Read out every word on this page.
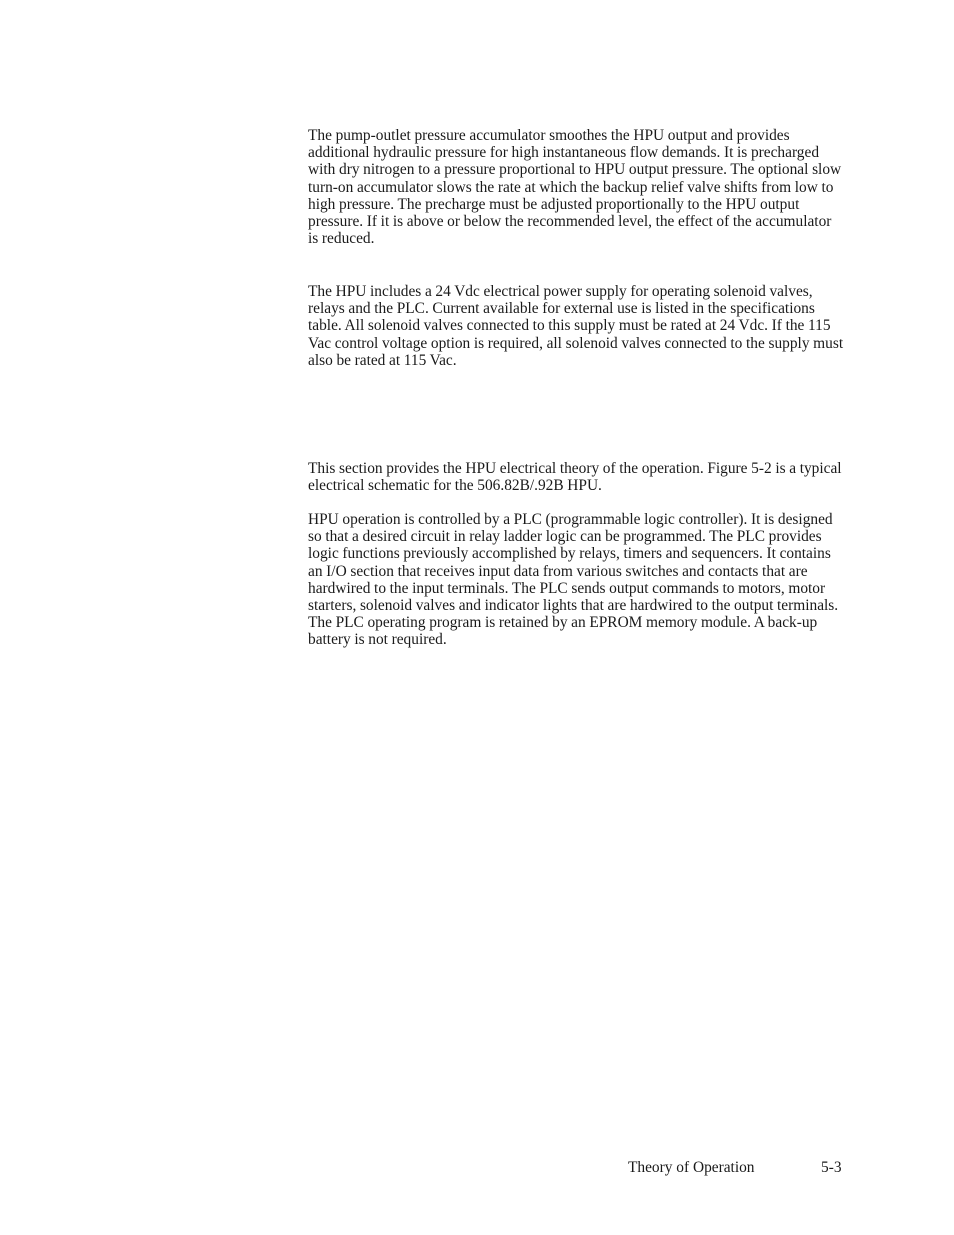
The pump-outlet pressure accumulator smoothes the HPU output and provides additional hydraulic pressure for high instantaneous flow demands. It is precharged with dry nitrogen to a pressure proportional to HPU output pressure. The optional slow turn-on accumulator slows the rate at which the backup relief valve shifts from low to high pressure. The precharge must be adjusted proportionally to the HPU output pressure. If it is above or below the recommended level, the effect of the accumulator is reduced.

The HPU includes a 24 Vdc electrical power supply for operating solenoid valves, relays and the PLC. Current available for external use is listed in the specifications table. All solenoid valves connected to this supply must be rated at 24 Vdc. If the 115 Vac control voltage option is required, all solenoid valves connected to the supply must also be rated at 115 Vac.

This section provides the HPU electrical theory of the operation. Figure 5-2 is a typical electrical schematic for the 506.82B/.92B HPU.

HPU operation is controlled by a PLC (programmable logic controller). It is designed so that a desired circuit in relay ladder logic can be programmed. The PLC provides logic functions previously accomplished by relays, timers and sequencers. It contains an I/O section that receives input data from various switches and contacts that are hardwired to the input terminals. The PLC sends output commands to motors, motor starters, solenoid valves and indicator lights that are hardwired to the output terminals. The PLC operating program is retained by an EPROM memory module. A back-up battery is not required.

Theory of Operation	5-3
